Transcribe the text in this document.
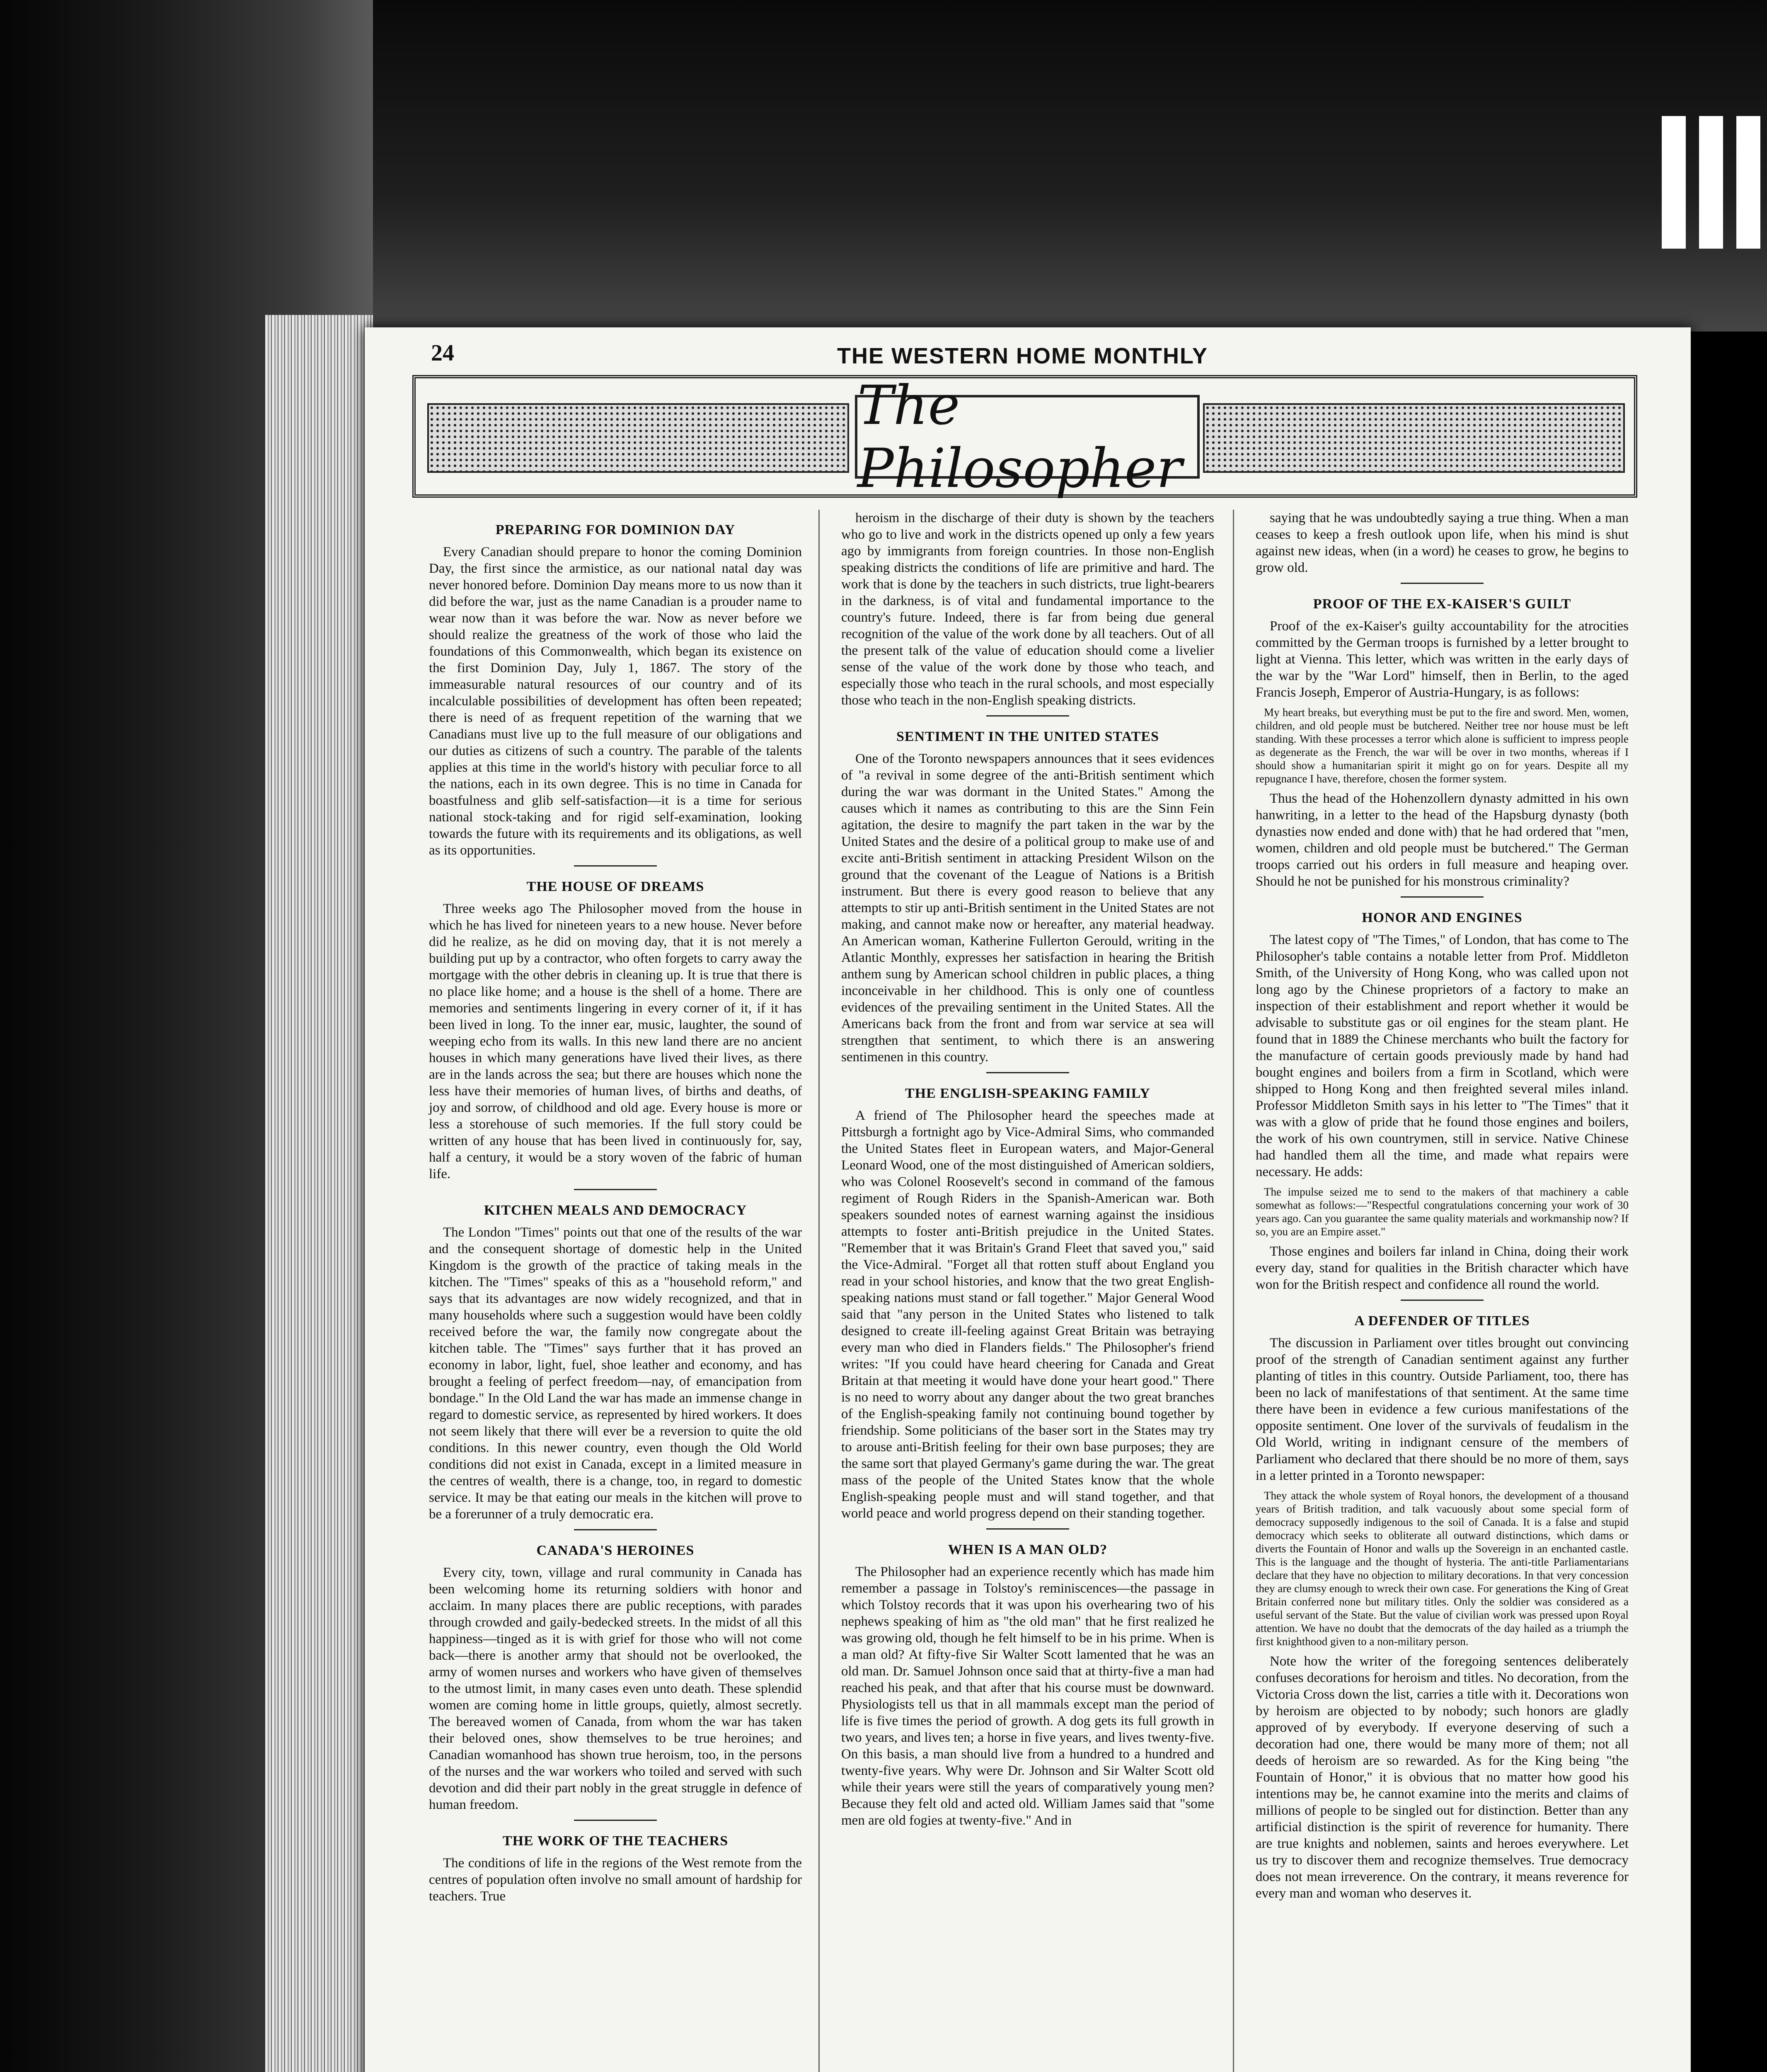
24	THE WESTERN HOME MONTHLY
The Philosopher
PREPARING FOR DOMINION DAY

Every Canadian should prepare to honor the coming Dominion Day, the first since the armistice, as our national natal day was never honored before. Dominion Day means more to us now than it did before the war, just as the name Canadian is a prouder name to wear now than it was before the war. Now as never before we should realize the greatness of the work of those who laid the foundations of this Commonwealth, which began its existence on the first Dominion Day, July 1, 1867. The story of the immeasurable natural resources of our country and of its incalculable possibilities of development has often been repeated; there is need of as frequent repetition of the warning that we Canadians must live up to the full measure of our obligations and our duties as citizens of such a country. The parable of the talents applies at this time in the world's history with peculiar force to all the nations, each in its own degree. This is no time in Canada for boastfulness and glib self-satisfaction—it is a time for serious national stock-taking and for rigid self-examination, looking towards the future with its requirements and its obligations, as well as its opportunities.

THE HOUSE OF DREAMS

Three weeks ago The Philosopher moved from the house in which he has lived for nineteen years to a new house. Never before did he realize, as he did on moving day, that it is not merely a building put up by a contractor, who often forgets to carry away the mortgage with the other debris in cleaning up. It is true that there is no place like home; and a house is the shell of a home. There are memories and sentiments lingering in every corner of it, if it has been lived in long. To the inner ear, music, laughter, the sound of weeping echo from its walls. In this new land there are no ancient houses in which many generations have lived their lives, as there are in the lands across the sea; but there are houses which none the less have their memories of human lives, of births and deaths, of joy and sorrow, of childhood and old age. Every house is more or less a storehouse of such memories. If the full story could be written of any house that has been lived in continuously for, say, half a century, it would be a story woven of the fabric of human life.

KITCHEN MEALS AND DEMOCRACY

The London "Times" points out that one of the results of the war and the consequent shortage of domestic help in the United Kingdom is the growth of the practice of taking meals in the kitchen. The "Times" speaks of this as a "household reform," and says that its advantages are now widely recognized, and that in many households where such a suggestion would have been coldly received before the war, the family now congregate about the kitchen table. The "Times" says further that it has proved an economy in labor, light, fuel, shoe leather and economy, and has brought a feeling of perfect freedom—nay, of emancipation from bondage." In the Old Land the war has made an immense change in regard to domestic service, as represented by hired workers. It does not seem likely that there will ever be a reversion to quite the old conditions. In this newer country, even though the Old World conditions did not exist in Canada, except in a limited measure in the centres of wealth, there is a change, too, in regard to domestic service. It may be that eating our meals in the kitchen will prove to be a forerunner of a truly democratic era.

CANADA'S HEROINES

Every city, town, village and rural community in Canada has been welcoming home its returning soldiers with honor and acclaim. In many places there are public receptions, with parades through crowded and gaily-bedecked streets. In the midst of all this happiness—tinged as it is with grief for those who will not come back—there is another army that should not be overlooked, the army of women nurses and workers who have given of themselves to the utmost limit, in many cases even unto death. These splendid women are coming home in little groups, quietly, almost secretly. The bereaved women of Canada, from whom the war has taken their beloved ones, show themselves to be true heroines; and Canadian womanhood has shown true heroism, too, in the persons of the nurses and the war workers who toiled and served with such devotion and did their part nobly in the great struggle in defence of human freedom.

THE WORK OF THE TEACHERS

The conditions of life in the regions of the West remote from the centres of population often involve no small amount of hardship for teachers. True

heroism in the discharge of their duty is shown by the teachers who go to live and work in the districts opened up only a few years ago by immigrants from foreign countries. In those non-English speaking districts the conditions of life are primitive and hard. The work that is done by the teachers in such districts, true light-bearers in the darkness, is of vital and fundamental importance to the country's future. Indeed, there is far from being due general recognition of the value of the work done by all teachers. Out of all the present talk of the value of education should come a livelier sense of the value of the work done by those who teach, and especially those who teach in the rural schools, and most especially those who teach in the non-English speaking districts.

SENTIMENT IN THE UNITED STATES

One of the Toronto newspapers announces that it sees evidences of "a revival in some degree of the anti-British sentiment which during the war was dormant in the United States." Among the causes which it names as contributing to this are the Sinn Fein agitation, the desire to magnify the part taken in the war by the United States and the desire of a political group to make use of and excite anti-British sentiment in attacking President Wilson on the ground that the covenant of the League of Nations is a British instrument. But there is every good reason to believe that any attempts to stir up anti-British sentiment in the United States are not making, and cannot make now or hereafter, any material headway. An American woman, Katherine Fullerton Gerould, writing in the Atlantic Monthly, expresses her satisfaction in hearing the British anthem sung by American school children in public places, a thing inconceivable in her childhood. This is only one of countless evidences of the prevailing sentiment in the United States. All the Americans back from the front and from war service at sea will strengthen that sentiment, to which there is an answering sentimenen in this country.

THE ENGLISH-SPEAKING FAMILY

A friend of The Philosopher heard the speeches made at Pittsburgh a fortnight ago by Vice-Admiral Sims, who commanded the United States fleet in European waters, and Major-General Leonard Wood, one of the most distinguished of American soldiers, who was Colonel Roosevelt's second in command of the famous regiment of Rough Riders in the Spanish-American war. Both speakers sounded notes of earnest warning against the insidious attempts to foster anti-British prejudice in the United States. "Remember that it was Britain's Grand Fleet that saved you," said the Vice-Admiral. "Forget all that rotten stuff about England you read in your school histories, and know that the two great English-speaking nations must stand or fall together." Major General Wood said that "any person in the United States who listened to talk designed to create ill-feeling against Great Britain was betraying every man who died in Flanders fields." The Philosopher's friend writes: "If you could have heard cheering for Canada and Great Britain at that meeting it would have done your heart good." There is no need to worry about any danger about the two great branches of the English-speaking family not continuing bound together by friendship. Some politicians of the baser sort in the States may try to arouse anti-British feeling for their own base purposes; they are the same sort that played Germany's game during the war. The great mass of the people of the United States know that the whole English-speaking people must and will stand together, and that world peace and world progress depend on their standing together.

WHEN IS A MAN OLD?

The Philosopher had an experience recently which has made him remember a passage in Tolstoy's reminiscences—the passage in which Tolstoy records that it was upon his overhearing two of his nephews speaking of him as "the old man" that he first realized he was growing old, though he felt himself to be in his prime. When is a man old? At fifty-five Sir Walter Scott lamented that he was an old man. Dr. Samuel Johnson once said that at thirty-five a man had reached his peak, and that after that his course must be downward. Physiologists tell us that in all mammals except man the period of life is five times the period of growth. A dog gets its full growth in two years, and lives ten; a horse in five years, and lives twenty-five. On this basis, a man should live from a hundred to a hundred and twenty-five years. Why were Dr. Johnson and Sir Walter Scott old while their years were still the years of comparatively young men? Because they felt old and acted old. William James said that "some men are old fogies at twenty-five." And in

saying that he was undoubtedly saying a true thing. When a man ceases to keep a fresh outlook upon life, when his mind is shut against new ideas, when (in a word) he ceases to grow, he begins to grow old.

PROOF OF THE EX-KAISER'S GUILT

Proof of the ex-Kaiser's guilty accountability for the atrocities committed by the German troops is furnished by a letter brought to light at Vienna. This letter, which was written in the early days of the war by the "War Lord" himself, then in Berlin, to the aged Francis Joseph, Emperor of Austria-Hungary, is as follows:

My heart breaks, but everything must be put to the fire and sword. Men, women, children, and old people must be butchered. Neither tree nor house must be left standing. With these processes a terror which alone is sufficient to impress people as degenerate as the French, the war will be over in two months, whereas if I should show a humanitarian spirit it might go on for years. Despite all my repugnance I have, therefore, chosen the former system.

Thus the head of the Hohenzollern dynasty admitted in his own hanwriting, in a letter to the head of the Hapsburg dynasty (both dynasties now ended and done with) that he had ordered that "men, women, children and old people must be butchered." The German troops carried out his orders in full measure and heaping over. Should he not be punished for his monstrous criminality?

HONOR AND ENGINES

The latest copy of "The Times," of London, that has come to The Philosopher's table contains a notable letter from Prof. Middleton Smith, of the University of Hong Kong, who was called upon not long ago by the Chinese proprietors of a factory to make an inspection of their establishment and report whether it would be advisable to substitute gas or oil engines for the steam plant. He found that in 1889 the Chinese merchants who built the factory for the manufacture of certain goods previously made by hand had bought engines and boilers from a firm in Scotland, which were shipped to Hong Kong and then freighted several miles inland. Professor Middleton Smith says in his letter to "The Times" that it was with a glow of pride that he found those engines and boilers, the work of his own countrymen, still in service. Native Chinese had handled them all the time, and made what repairs were necessary. He adds:

The impulse seized me to send to the makers of that machinery a cable somewhat as follows:—"Respectful congratulations concerning your work of 30 years ago. Can you guarantee the same quality materials and workmanship now? If so, you are an Empire asset."

Those engines and boilers far inland in China, doing their work every day, stand for qualities in the British character which have won for the British respect and confidence all round the world.

A DEFENDER OF TITLES

The discussion in Parliament over titles brought out convincing proof of the strength of Canadian sentiment against any further planting of titles in this country. Outside Parliament, too, there has been no lack of manifestations of that sentiment. At the same time there have been in evidence a few curious manifestations of the opposite sentiment. One lover of the survivals of feudalism in the Old World, writing in indignant censure of the members of Parliament who declared that there should be no more of them, says in a letter printed in a Toronto newspaper:

They attack the whole system of Royal honors, the development of a thousand years of British tradition, and talk vacuously about some special form of democracy supposedly indigenous to the soil of Canada. It is a false and stupid democracy which seeks to obliterate all outward distinctions, which dams or diverts the Fountain of Honor and walls up the Sovereign in an enchanted castle. This is the language and the thought of hysteria. The anti-title Parliamentarians declare that they have no objection to military decorations. In that very concession they are clumsy enough to wreck their own case. For generations the King of Great Britain conferred none but military titles. Only the soldier was considered as a useful servant of the State. But the value of civilian work was pressed upon Royal attention. We have no doubt that the democrats of the day hailed as a triumph the first knighthood given to a non-military person.

Note how the writer of the foregoing sentences deliberately confuses decorations for heroism and titles. No decoration, from the Victoria Cross down the list, carries a title with it. Decorations won by heroism are objected to by nobody; such honors are gladly approved of by everybody. If everyone deserving of such a decoration had one, there would be many more of them; not all deeds of heroism are so rewarded. As for the King being "the Fountain of Honor," it is obvious that no matter how good his intentions may be, he cannot examine into the merits and claims of millions of people to be singled out for distinction. Better than any artificial distinction is the spirit of reverence for humanity. There are true knights and noblemen, saints and heroes everywhere. Let us try to discover them and recognize themselves. True democracy does not mean irreverence. On the contrary, it means reverence for every man and woman who deserves it.
